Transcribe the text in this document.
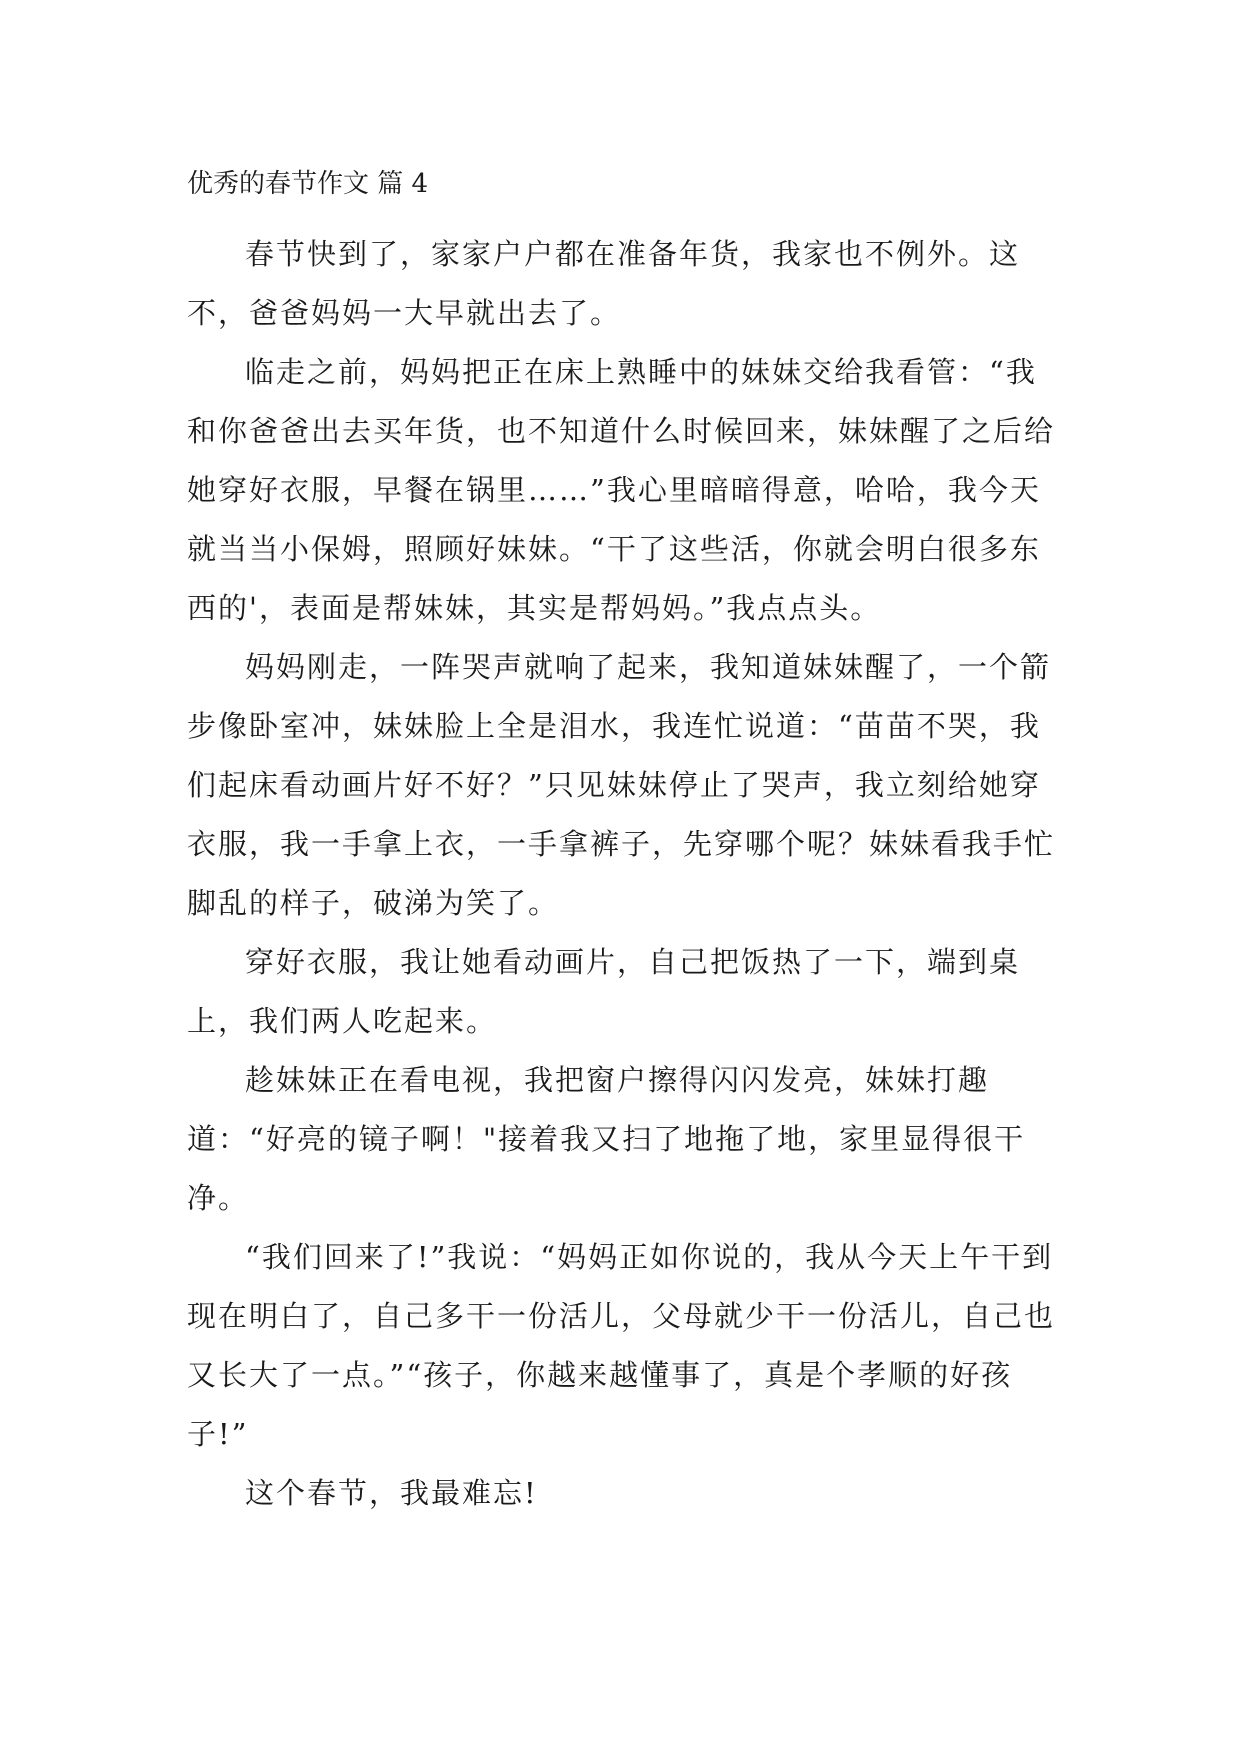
优秀的春节作文 篇 4

春节快到了，家家户户都在准备年货，我家也不例外。这不，爸爸妈妈一大早就出去了。

临走之前，妈妈把正在床上熟睡中的妹妹交给我看管：“我和你爸爸出去买年货，也不知道什么时候回来，妹妹醒了之后给她穿好衣服，早餐在锅里……”我心里暗暗得意，哈哈，我今天就当当小保姆，照顾好妹妹。“干了这些活，你就会明白很多东西的'，表面是帮妹妹，其实是帮妈妈。”我点点头。

妈妈刚走，一阵哭声就响了起来，我知道妹妹醒了，一个箭步像卧室冲，妹妹脸上全是泪水，我连忙说道：“苗苗不哭，我们起床看动画片好不好？”只见妹妹停止了哭声，我立刻给她穿衣服，我一手拿上衣，一手拿裤子，先穿哪个呢？妹妹看我手忙脚乱的样子，破涕为笑了。

穿好衣服，我让她看动画片，自己把饭热了一下，端到桌上，我们两人吃起来。

趁妹妹正在看电视，我把窗户擦得闪闪发亮，妹妹打趣道：“好亮的镜子啊！"接着我又扫了地拖了地，家里显得很干净。

“我们回来了!”我说：“妈妈正如你说的，我从今天上午干到现在明白了，自己多干一份活儿，父母就少干一份活儿，自己也又长大了一点。”“孩子，你越来越懂事了，真是个孝顺的好孩子!”

这个春节，我最难忘!
